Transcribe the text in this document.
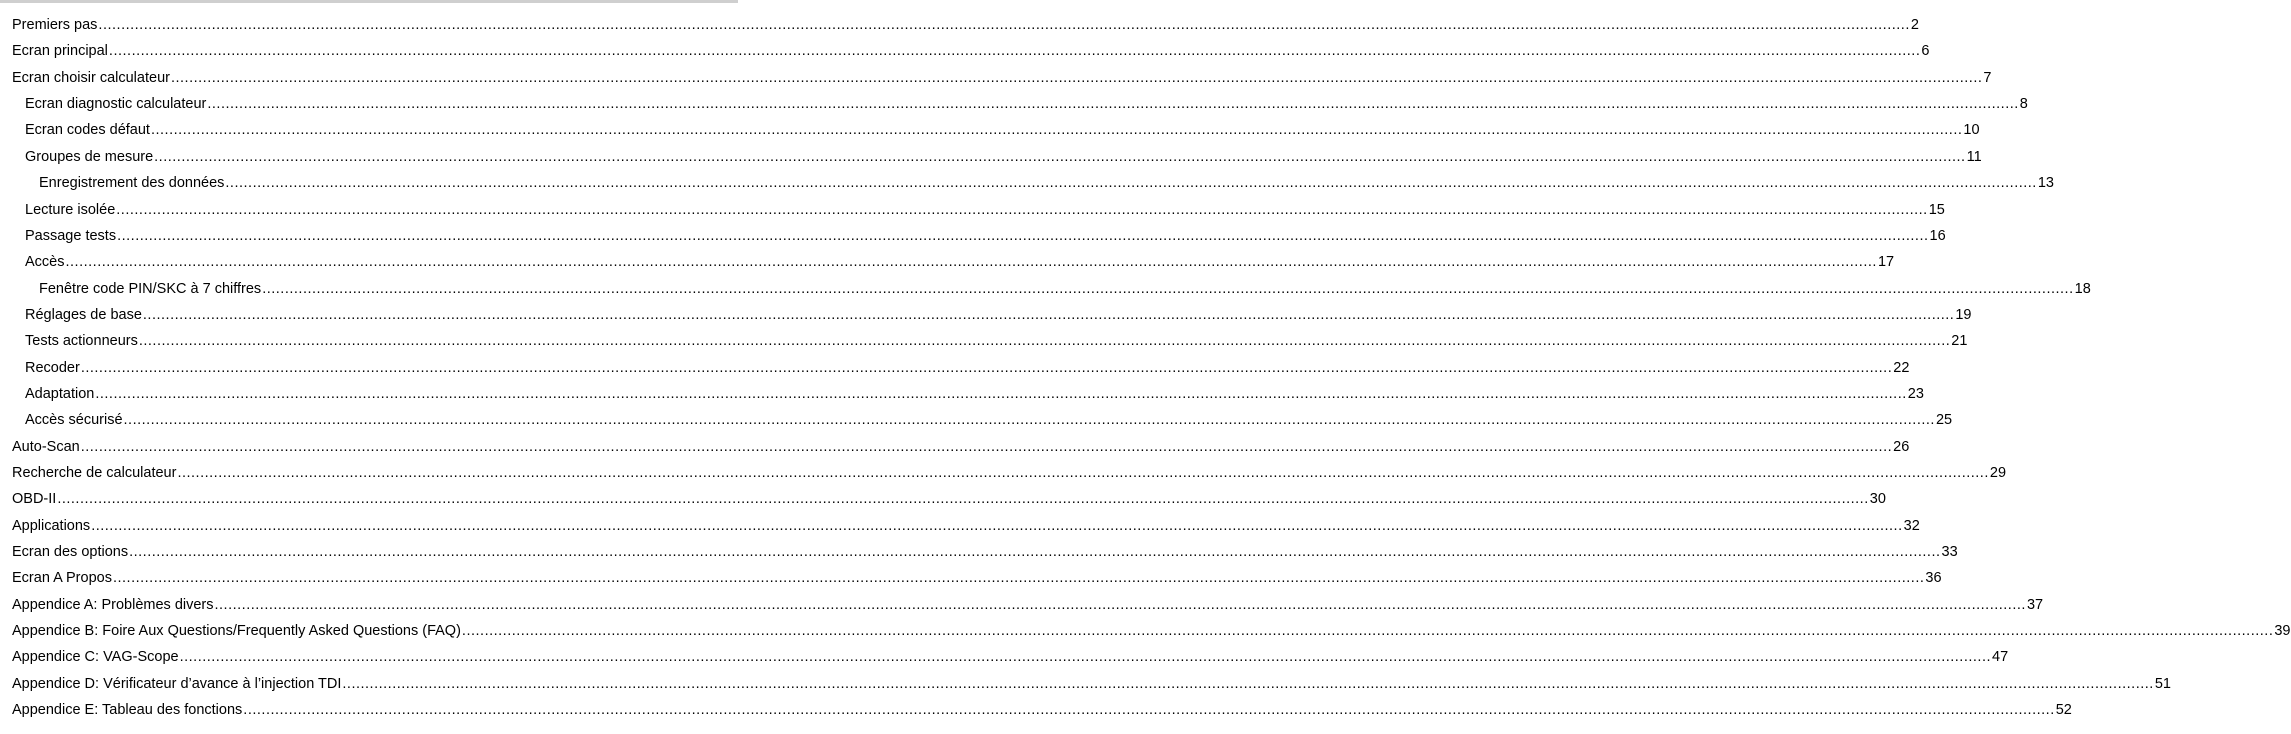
Premiers pas ................................................................................................................................................................................................................................................................................................................................................................................................................ 2
Ecran principal ................................................................................................................................................................................................................................................................................................................................................................................................................ 6
Ecran choisir calculateur ................................................................................................................................................................................................................................................................................................................................................................................................................ 7
Ecran diagnostic calculateur ................................................................................................................................................................................................................................................................................................................................................................................................................ 8
Ecran codes défaut ................................................................................................................................................................................................................................................................................................................................................................................................................ 10
Groupes de mesure ................................................................................................................................................................................................................................................................................................................................................................................................................ 11
Enregistrement des données ................................................................................................................................................................................................................................................................................................................................................................................................................ 13
Lecture isolée ................................................................................................................................................................................................................................................................................................................................................................................................................ 15
Passage tests ................................................................................................................................................................................................................................................................................................................................................................................................................ 16
Accès ................................................................................................................................................................................................................................................................................................................................................................................................................ 17
Fenêtre code PIN/SKC à 7 chiffres ................................................................................................................................................................................................................................................................................................................................................................................................................ 18
Réglages de base ................................................................................................................................................................................................................................................................................................................................................................................................................ 19
Tests actionneurs ................................................................................................................................................................................................................................................................................................................................................................................................................ 21
Recoder ................................................................................................................................................................................................................................................................................................................................................................................................................ 22
Adaptation ................................................................................................................................................................................................................................................................................................................................................................................................................ 23
Accès sécurisé ................................................................................................................................................................................................................................................................................................................................................................................................................ 25
Auto-Scan ................................................................................................................................................................................................................................................................................................................................................................................................................ 26
Recherche de calculateur ................................................................................................................................................................................................................................................................................................................................................................................................................ 29
OBD-II ................................................................................................................................................................................................................................................................................................................................................................................................................ 30
Applications ................................................................................................................................................................................................................................................................................................................................................................................................................ 32
Ecran des options ................................................................................................................................................................................................................................................................................................................................................................................................................ 33
Ecran A Propos ................................................................................................................................................................................................................................................................................................................................................................................................................ 36
Appendice A: Problèmes divers ................................................................................................................................................................................................................................................................................................................................................................................................................ 37
Appendice B: Foire Aux Questions/Frequently Asked Questions (FAQ) ................................................................................................................................................................................................................................................................................................................................................................................................................ 39
Appendice C: VAG-Scope ................................................................................................................................................................................................................................................................................................................................................................................................................ 47
Appendice D: Vérificateur d’avance à l’injection TDI ................................................................................................................................................................................................................................................................................................................................................................................................................ 51
Appendice E: Tableau des fonctions ................................................................................................................................................................................................................................................................................................................................................................................................................ 52
